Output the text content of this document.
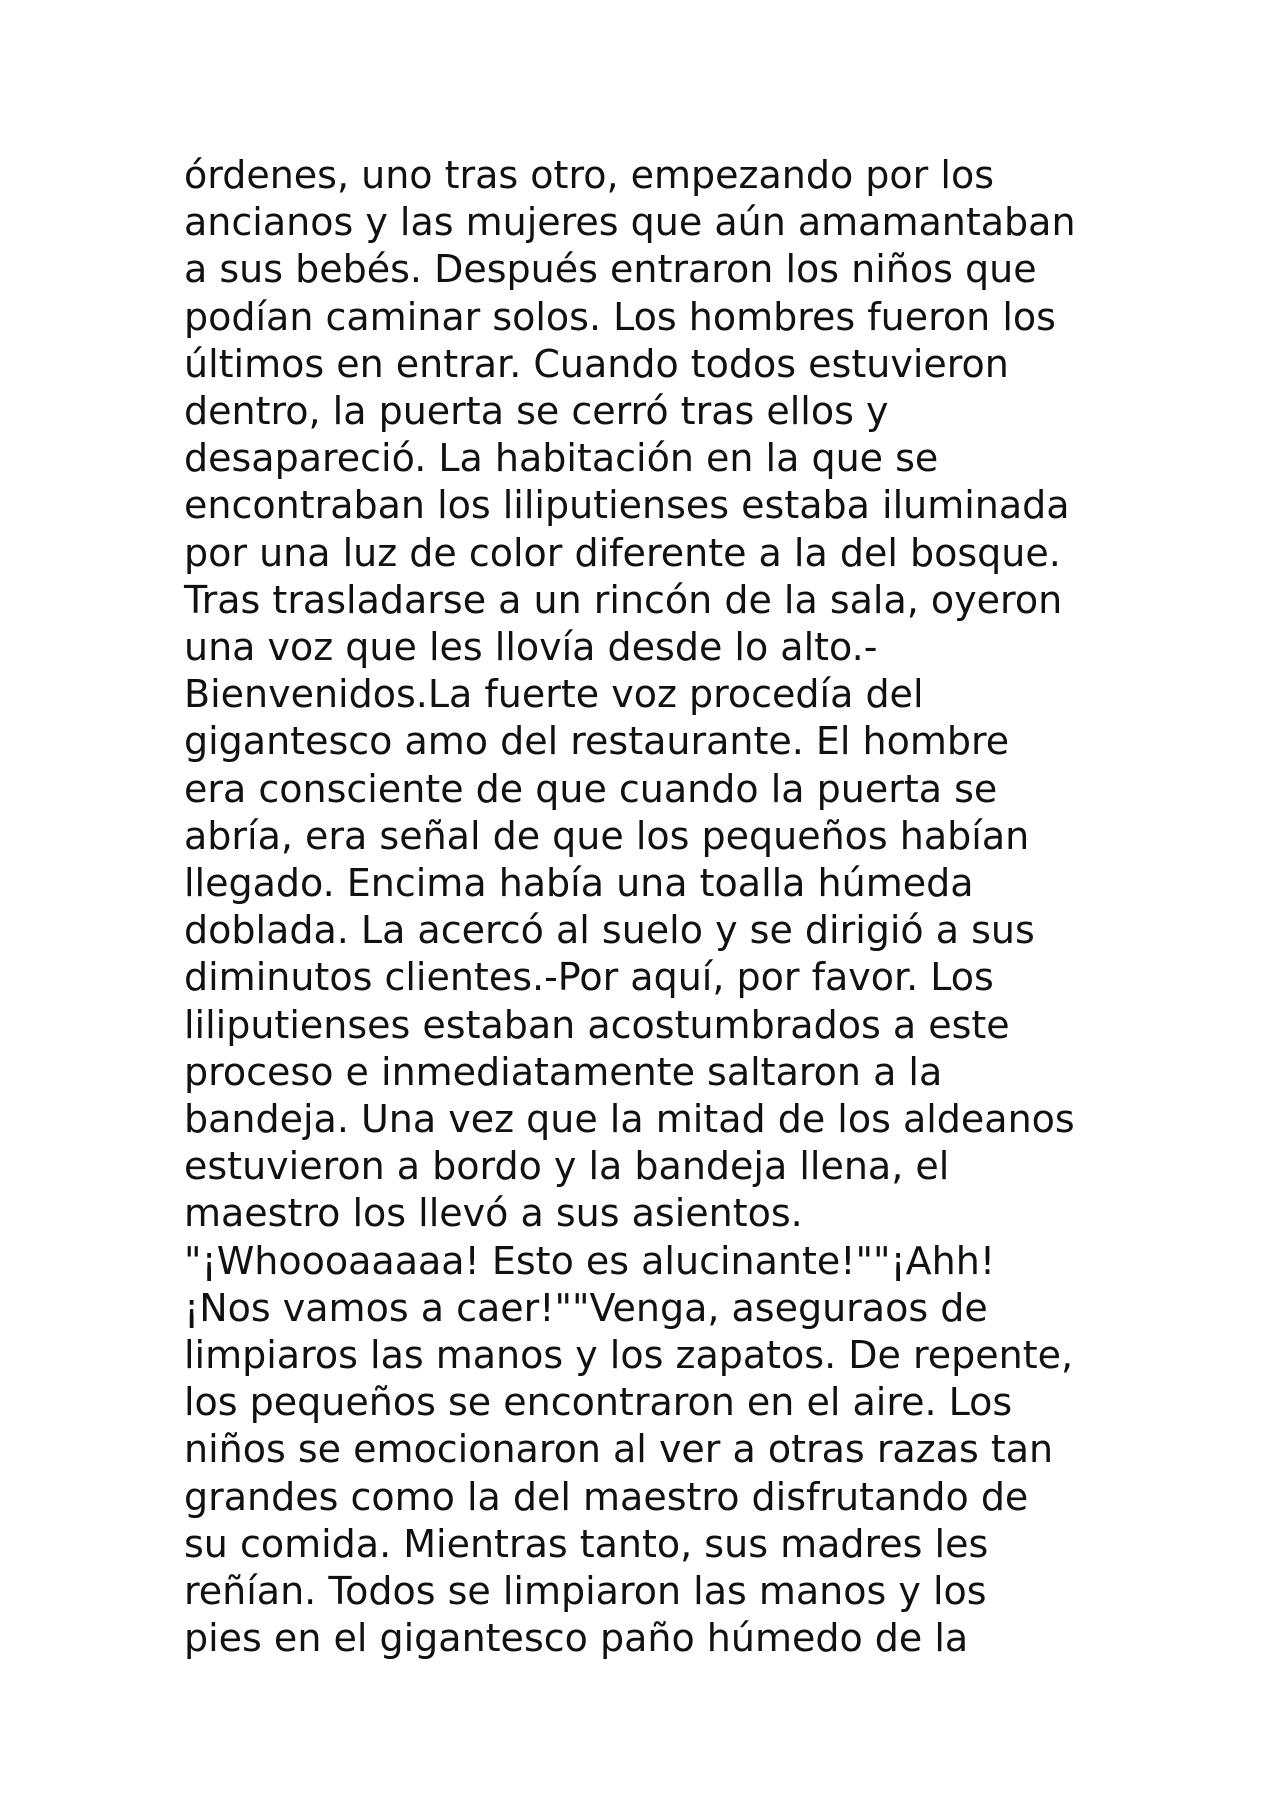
órdenes, uno tras otro, empezando por los
ancianos y las mujeres que aún amamantaban
a sus bebés. Después entraron los niños que
podían caminar solos. Los hombres fueron los
últimos en entrar. Cuando todos estuvieron
dentro, la puerta se cerró tras ellos y
desapareció. La habitación en la que se
encontraban los liliputienses estaba iluminada
por una luz de color diferente a la del bosque.
Tras trasladarse a un rincón de la sala, oyeron
una voz que les llovía desde lo alto.-
Bienvenidos.La fuerte voz procedía del
gigantesco amo del restaurante. El hombre
era consciente de que cuando la puerta se
abría, era señal de que los pequeños habían
llegado. Encima había una toalla húmeda
doblada. La acercó al suelo y se dirigió a sus
diminutos clientes.-Por aquí, por favor. Los
liliputienses estaban acostumbrados a este
proceso e inmediatamente saltaron a la
bandeja. Una vez que la mitad de los aldeanos
estuvieron a bordo y la bandeja llena, el
maestro los llevó a sus asientos.
"¡Whoooaaaaa! Esto es alucinante!""¡Ahh!
¡Nos vamos a caer!""Venga, aseguraos de
limpiaros las manos y los zapatos. De repente,
los pequeños se encontraron en el aire. Los
niños se emocionaron al ver a otras razas tan
grandes como la del maestro disfrutando de
su comida. Mientras tanto, sus madres les
reñían. Todos se limpiaron las manos y los
pies en el gigantesco paño húmedo de la
